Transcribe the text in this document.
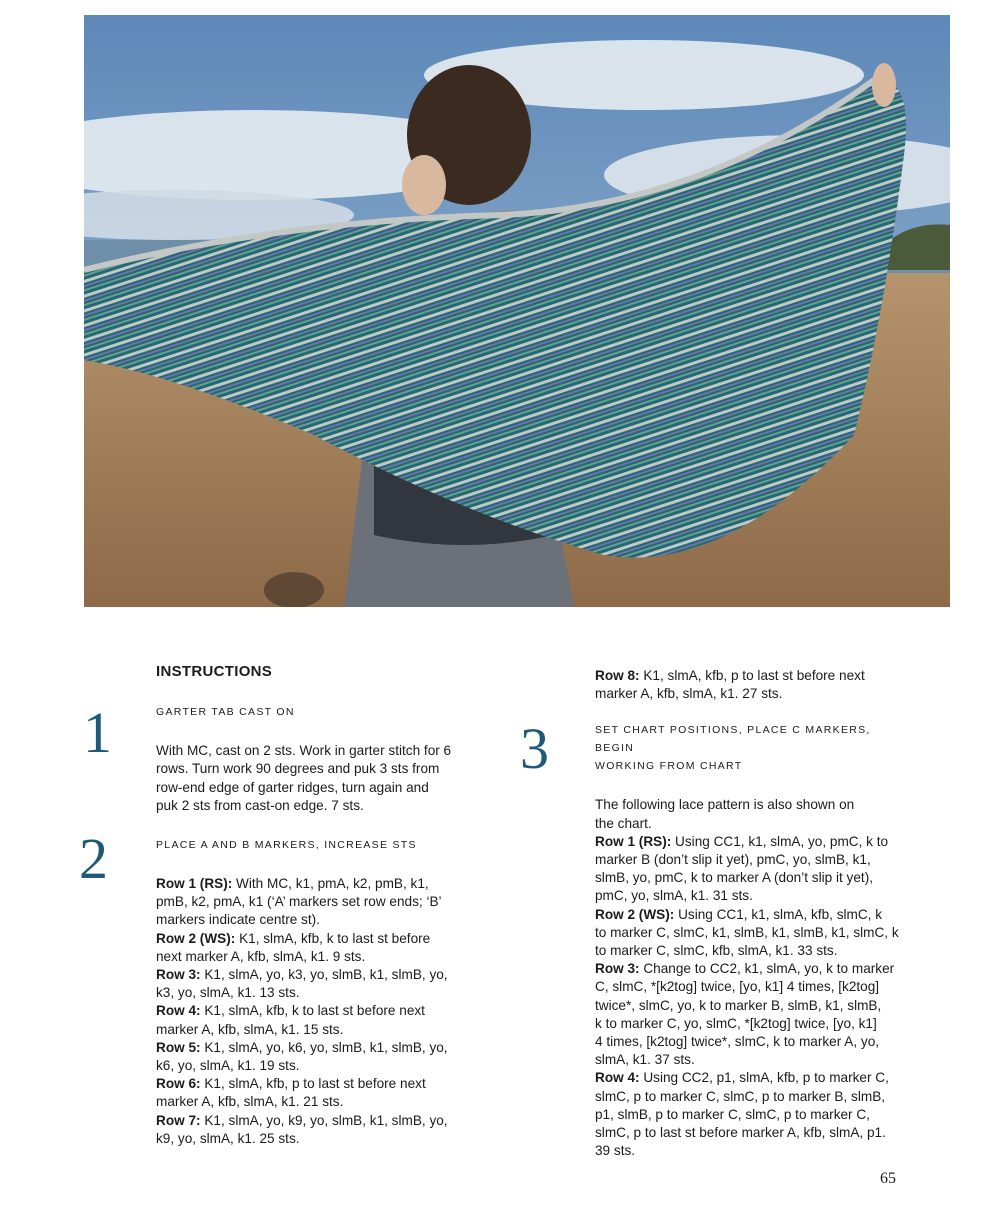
INSTRUCTIONS
GARTER TAB CAST ON
With MC, cast on 2 sts. Work in garter stitch for 6
rows. Turn work 90 degrees and puk 3 sts from
row-end edge of garter ridges, turn again and
puk 2 sts from cast-on edge. 7 sts.
PLACE A AND B MARKERS, INCREASE STS
Row 1 (RS): With MC, k1, pmA, k2, pmB, k1,
pmB, k2, pmA, k1 (‘A’ markers set row ends; ‘B’
markers indicate centre st).
Row 2 (WS): K1, slmA, kfb, k to last st before
next marker A, kfb, slmA, k1. 9 sts.
Row 3: K1, slmA, yo, k3, yo, slmB, k1, slmB, yo,
k3, yo, slmA, k1. 13 sts.
Row 4: K1, slmA, kfb, k to last st before next
marker A, kfb, slmA, k1. 15 sts.
Row 5: K1, slmA, yo, k6, yo, slmB, k1, slmB, yo,
k6, yo, slmA, k1. 19 sts.
Row 6: K1, slmA, kfb, p to last st before next
marker A, kfb, slmA, k1. 21 sts.
Row 7: K1, slmA, yo, k9, yo, slmB, k1, slmB, yo,
k9, yo, slmA, k1. 25 sts.
1
2
3
Row 8: K1, slmA, kfb, p to last st before next
marker A, kfb, slmA, k1. 27 sts.
SET CHART POSITIONS, PLACE C MARKERS, BEGIN
WORKING FROM CHART
The following lace pattern is also shown on
the chart.
Row 1 (RS): Using CC1, k1, slmA, yo, pmC, k to
marker B (don’t slip it yet), pmC, yo, slmB, k1,
slmB, yo, pmC, k to marker A (don’t slip it yet),
pmC, yo, slmA, k1. 31 sts.
Row 2 (WS): Using CC1, k1, slmA, kfb, slmC, k
to marker C, slmC, k1, slmB, k1, slmB, k1, slmC, k
to marker C, slmC, kfb, slmA, k1. 33 sts.
Row 3: Change to CC2, k1, slmA, yo, k to marker
C, slmC, *[k2tog] twice, [yo, k1] 4 times, [k2tog]
twice*, slmC, yo, k to marker B, slmB, k1, slmB,
k to marker C, yo, slmC, *[k2tog] twice, [yo, k1]
4 times, [k2tog] twice*, slmC, k to marker A, yo,
slmA, k1. 37 sts.
Row 4: Using CC2, p1, slmA, kfb, p to marker C,
slmC, p to marker C, slmC, p to marker B, slmB,
p1, slmB, p to marker C, slmC, p to marker C,
slmC, p to last st before marker A, kfb, slmA, p1.
39 sts.
65
